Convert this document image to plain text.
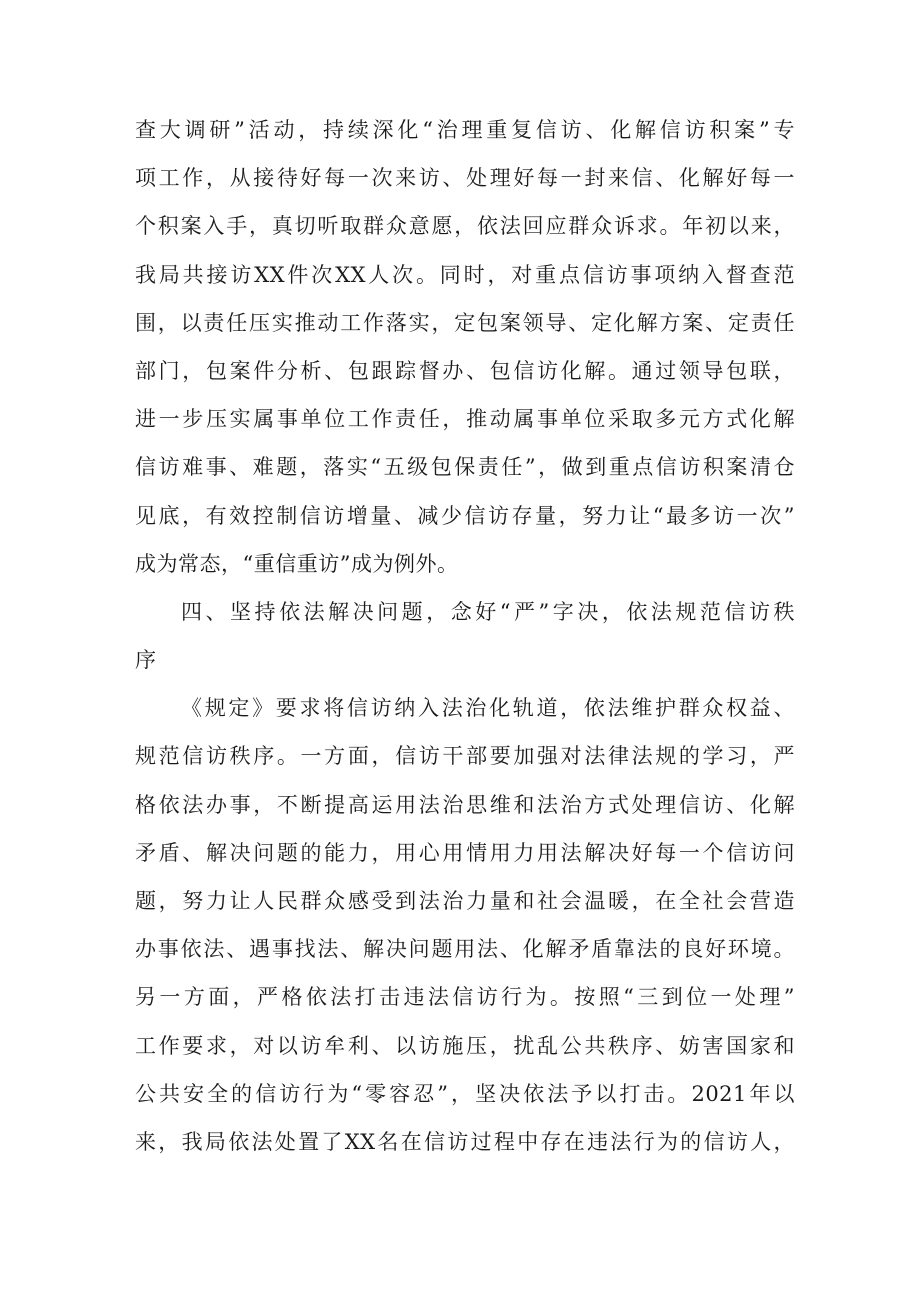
查大调研”活动，持续深化“治理重复信访、化解信访积案”专
项工作，从接待好每一次来访、处理好每一封来信、化解好每一
个积案入手，真切听取群众意愿，依法回应群众诉求。年初以来，
我局共接访XX件次XX人次。同时，对重点信访事项纳入督查范
围，以责任压实推动工作落实，定包案领导、定化解方案、定责任
部门，包案件分析、包跟踪督办、包信访化解。通过领导包联，
进一步压实属事单位工作责任，推动属事单位采取多元方式化解
信访难事、难题，落实“五级包保责任”，做到重点信访积案清仓
见底，有效控制信访增量、减少信访存量，努力让“最多访一次”
成为常态，“重信重访”成为例外。
四、坚持依法解决问题，念好“严”字决，依法规范信访秩
序
《规定》要求将信访纳入法治化轨道，依法维护群众权益、
规范信访秩序。一方面，信访干部要加强对法律法规的学习，严
格依法办事，不断提高运用法治思维和法治方式处理信访、化解
矛盾、解决问题的能力，用心用情用力用法解决好每一个信访问
题，努力让人民群众感受到法治力量和社会温暖，在全社会营造
办事依法、遇事找法、解决问题用法、化解矛盾靠法的良好环境。
另一方面，严格依法打击违法信访行为。按照“三到位一处理”
工作要求，对以访牟利、以访施压，扰乱公共秩序、妨害国家和
公共安全的信访行为“零容忍”，坚决依法予以打击。2021年以
来，我局依法处置了XX名在信访过程中存在违法行为的信访人，
